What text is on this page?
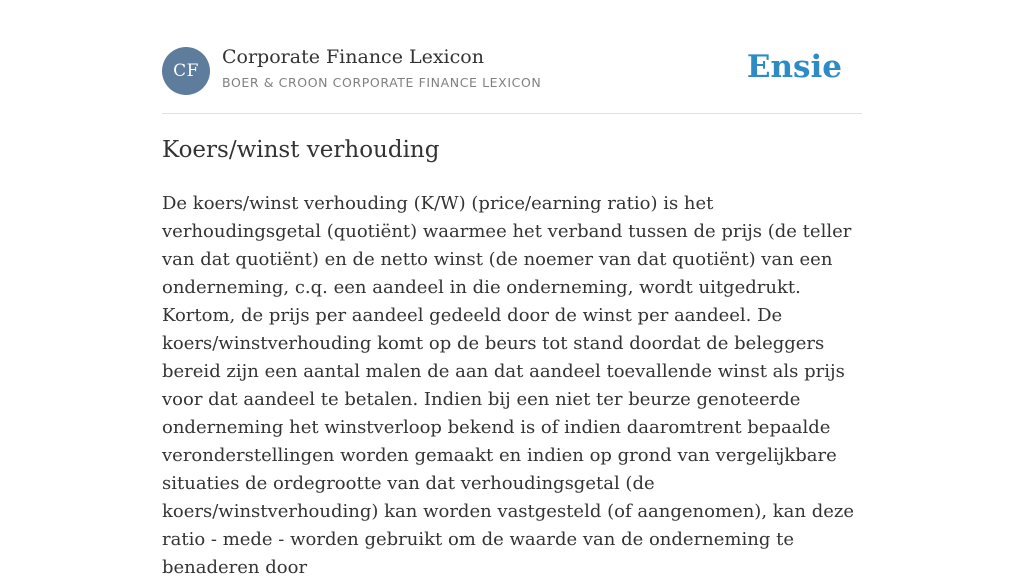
CF
Corporate Finance Lexicon
BOER & CROON CORPORATE FINANCE LEXICON	Ensie
Koers/winst verhouding

De koers/winst verhouding (K/W) (price/earning ratio) is het verhoudingsgetal (quotiënt) waarmee het verband tussen de prijs (de teller van dat quotiënt) en de netto winst (de noemer van dat quotiënt) van een onderneming, c.q. een aandeel in die onderneming, wordt uitgedrukt. Kortom, de prijs per aandeel gedeeld door de winst per aandeel. De koers/winstverhouding komt op de beurs tot stand doordat de beleggers bereid zijn een aantal malen de aan dat aandeel toevallende winst als prijs voor dat aandeel te betalen. Indien bij een niet ter beurze genoteerde onderneming het winstverloop bekend is of indien daaromtrent bepaalde veronderstellingen worden gemaakt en indien op grond van vergelijkbare situaties de ordegrootte van dat verhoudingsgetal (de koers/winstverhouding) kan worden vastgesteld (of aangenomen), kan deze ratio - mede - worden gebruikt om de waarde van de onderneming te benaderen door
